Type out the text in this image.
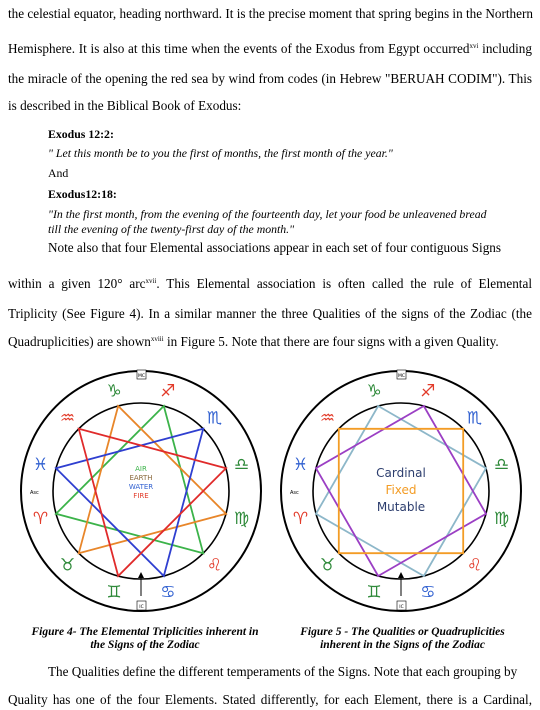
the celestial equator, heading northward. It is the precise moment that spring begins in the Northern
Hemisphere. It is also at this time when the events of the Exodus from Egypt occurred$^{xvi}$ including
the miracle of the opening the red sea by wind from codes (in Hebrew "BERUAH CODIM"). This
is described in the Biblical Book of Exodus:
Exodus 12:2:
" Let this month be to you the first of months, the first month of the year."
And
Exodus12:18:
"In the first month, from the evening of the fourteenth day, let your food be unleavened bread
till the evening of the twenty-first day of the month."
Note also that four Elemental associations appear in each set of four contiguous Signs
within a given 120° arc$^{xvii}$. This Elemental association is often called the rule of Elemental
Triplicity (See Figure 4). In a similar manner the three Qualities of the signs of the Zodiac (the
Quadruplicities) are shown$^{xviii}$ in Figure 5. Note that there are four signs with a given Quality.
♑ ♐
♏
♎
♍
♌
♋
♊
♉
♈
♓
♒
MC
IC
Asc
AIR
EARTH
WATER
FIRE
♑ ♐
♏
♎
♍
♌
♋
♊
♉
♈
♓
♒
MC
IC
Asc
Cardinal
Fixed
Mutable
Figure 4- The Elemental Triplicities inherent in
the Signs of the Zodiac
Figure 5 - The Qualities or Quadruplicities
inherent in the Signs of the Zodiac
The Qualities define the different temperaments of the Signs. Note that each grouping by
Quality has one of the four Elements. Stated differently, for each Element, there is a Cardinal,
